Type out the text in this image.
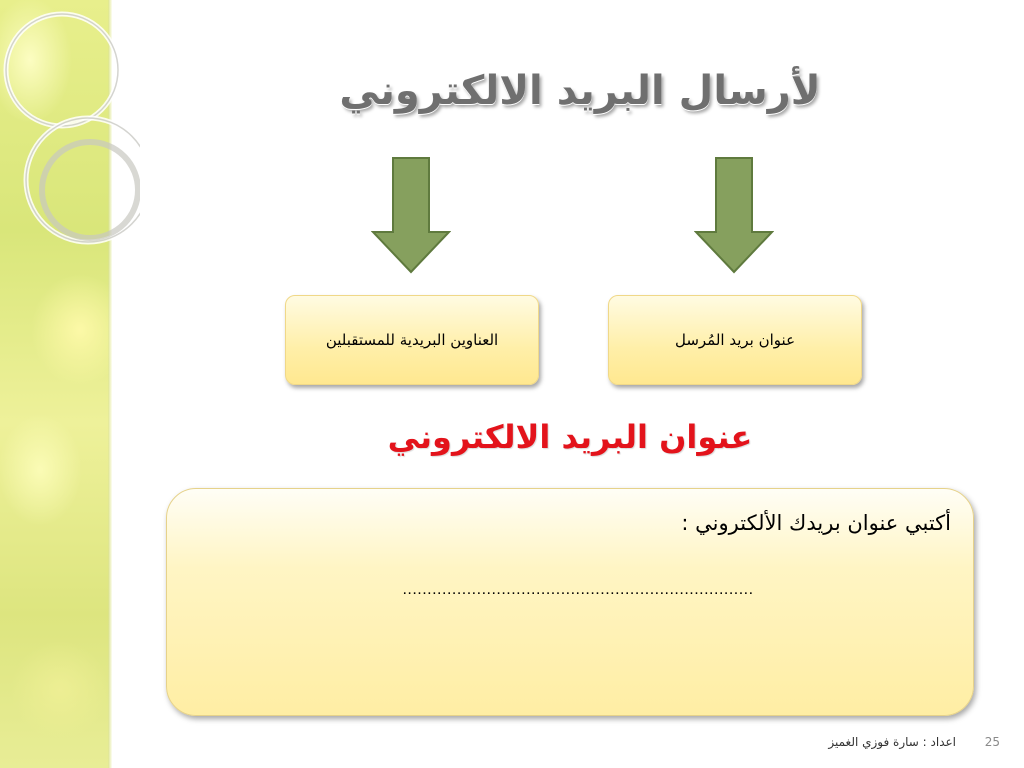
لأرسال البريد الالكتروني
العناوين البريدية للمستقبلين	عنوان بريد المُرسل
عنوان البريد الالكتروني
أكتبي عنوان بريدك الألكتروني :
.......................................................................
اعداد : سارة فوزي الغميز 25
